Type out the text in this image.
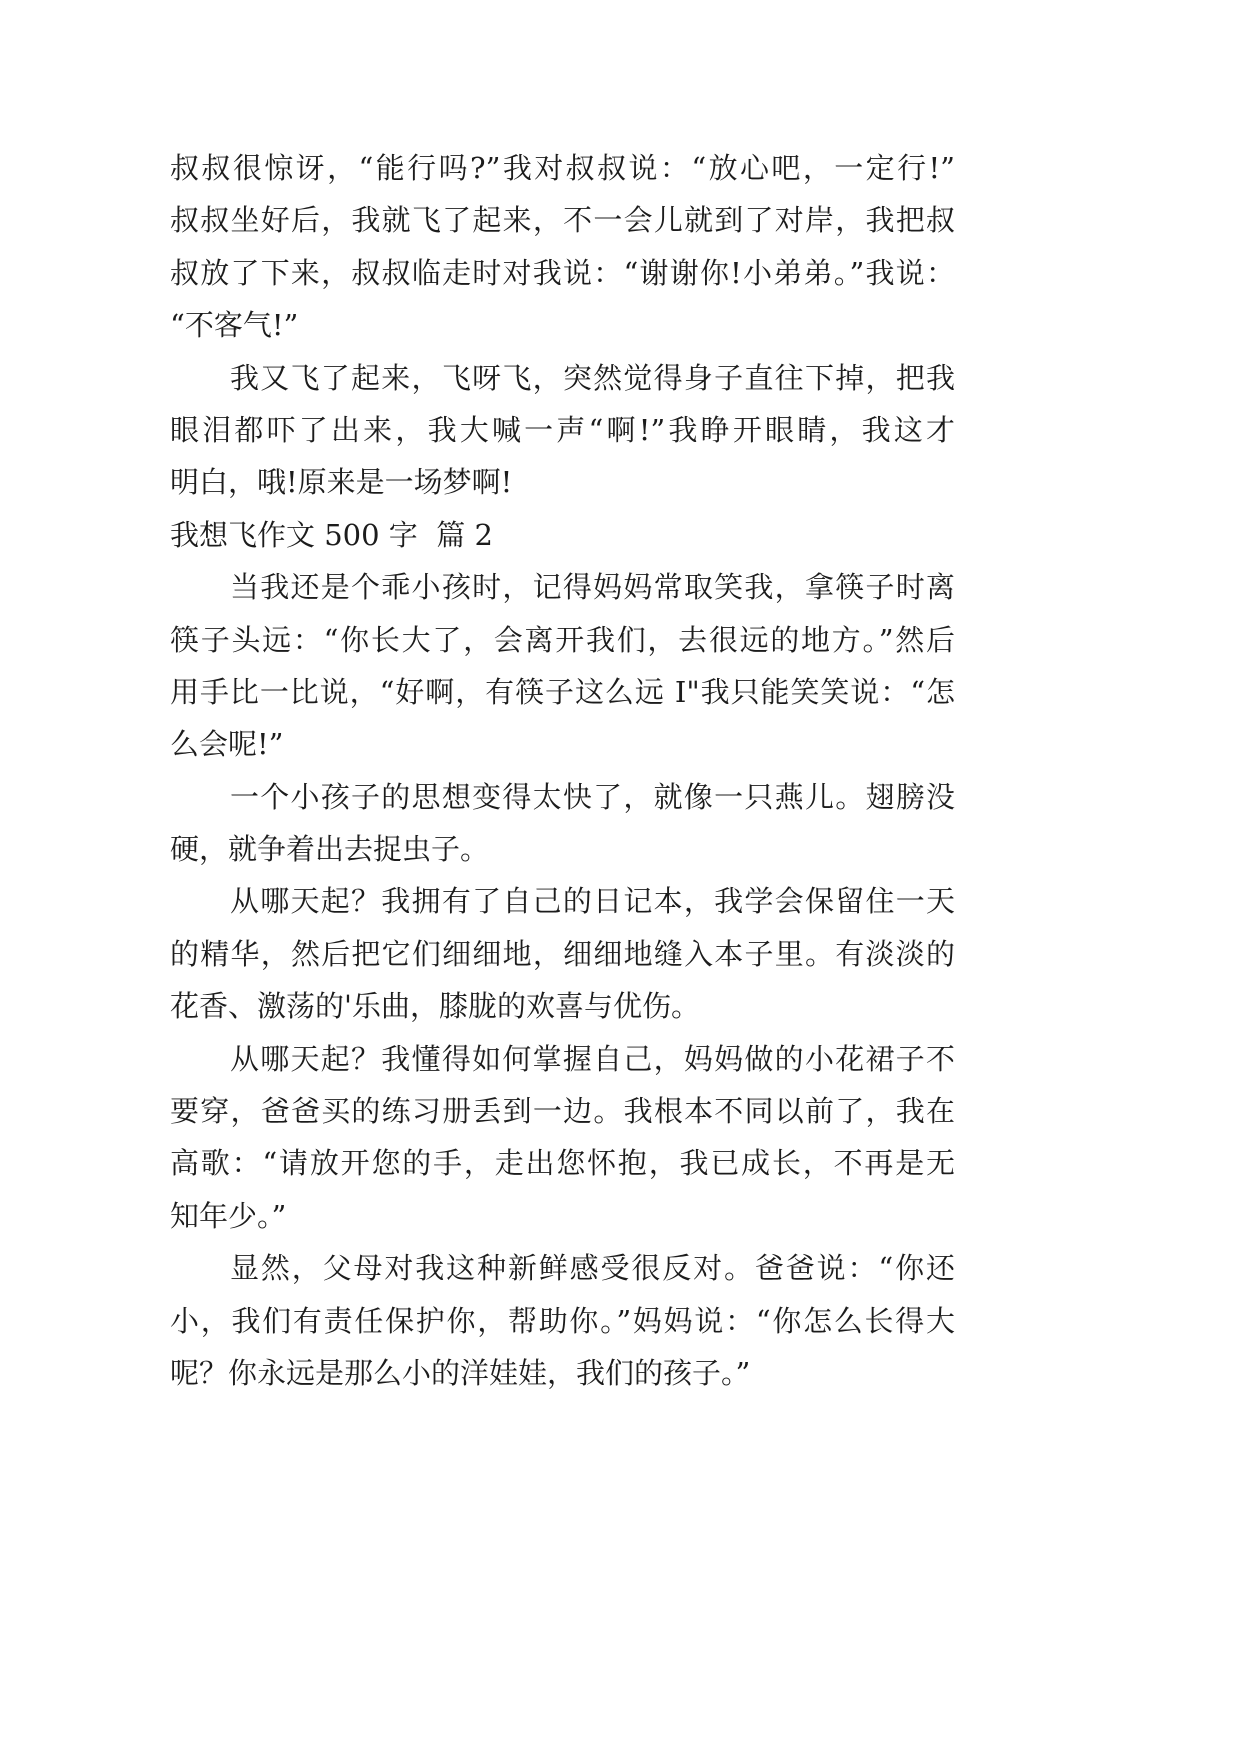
叔叔很惊讶，“能行吗?”我对叔叔说：“放心吧，一定行!”
叔叔坐好后，我就飞了起来，不一会儿就到了对岸，我把叔
叔放了下来，叔叔临走时对我说：“谢谢你!小弟弟。”我说：
“不客气!”
我又飞了起来，飞呀飞，突然觉得身子直往下掉，把我
眼泪都吓了出来，我大喊一声“啊!”我睁开眼睛，我这才
明白，哦!原来是一场梦啊!
我想飞作文 500 字  篇 2
当我还是个乖小孩时，记得妈妈常取笑我，拿筷子时离
筷子头远：“你长大了，会离开我们，去很远的地方。”然后
用手比一比说，“好啊，有筷子这么远 I"我只能笑笑说：“怎
么会呢!”
一个小孩子的思想变得太快了，就像一只燕儿。翅膀没
硬，就争着出去捉虫子。
从哪天起？我拥有了自己的日记本，我学会保留住一天
的精华，然后把它们细细地，细细地缝入本子里。有淡淡的
花香、激荡的'乐曲，膝胧的欢喜与优伤。
从哪天起？我懂得如何掌握自己，妈妈做的小花裙子不
要穿，爸爸买的练习册丢到一边。我根本不同以前了，我在
高歌：“请放开您的手，走出您怀抱，我已成长，不再是无
知年少。”
显然，父母对我这种新鲜感受很反对。爸爸说：“你还
小，我们有责任保护你，帮助你。”妈妈说：“你怎么长得大
呢？你永远是那么小的洋娃娃，我们的孩子。”
